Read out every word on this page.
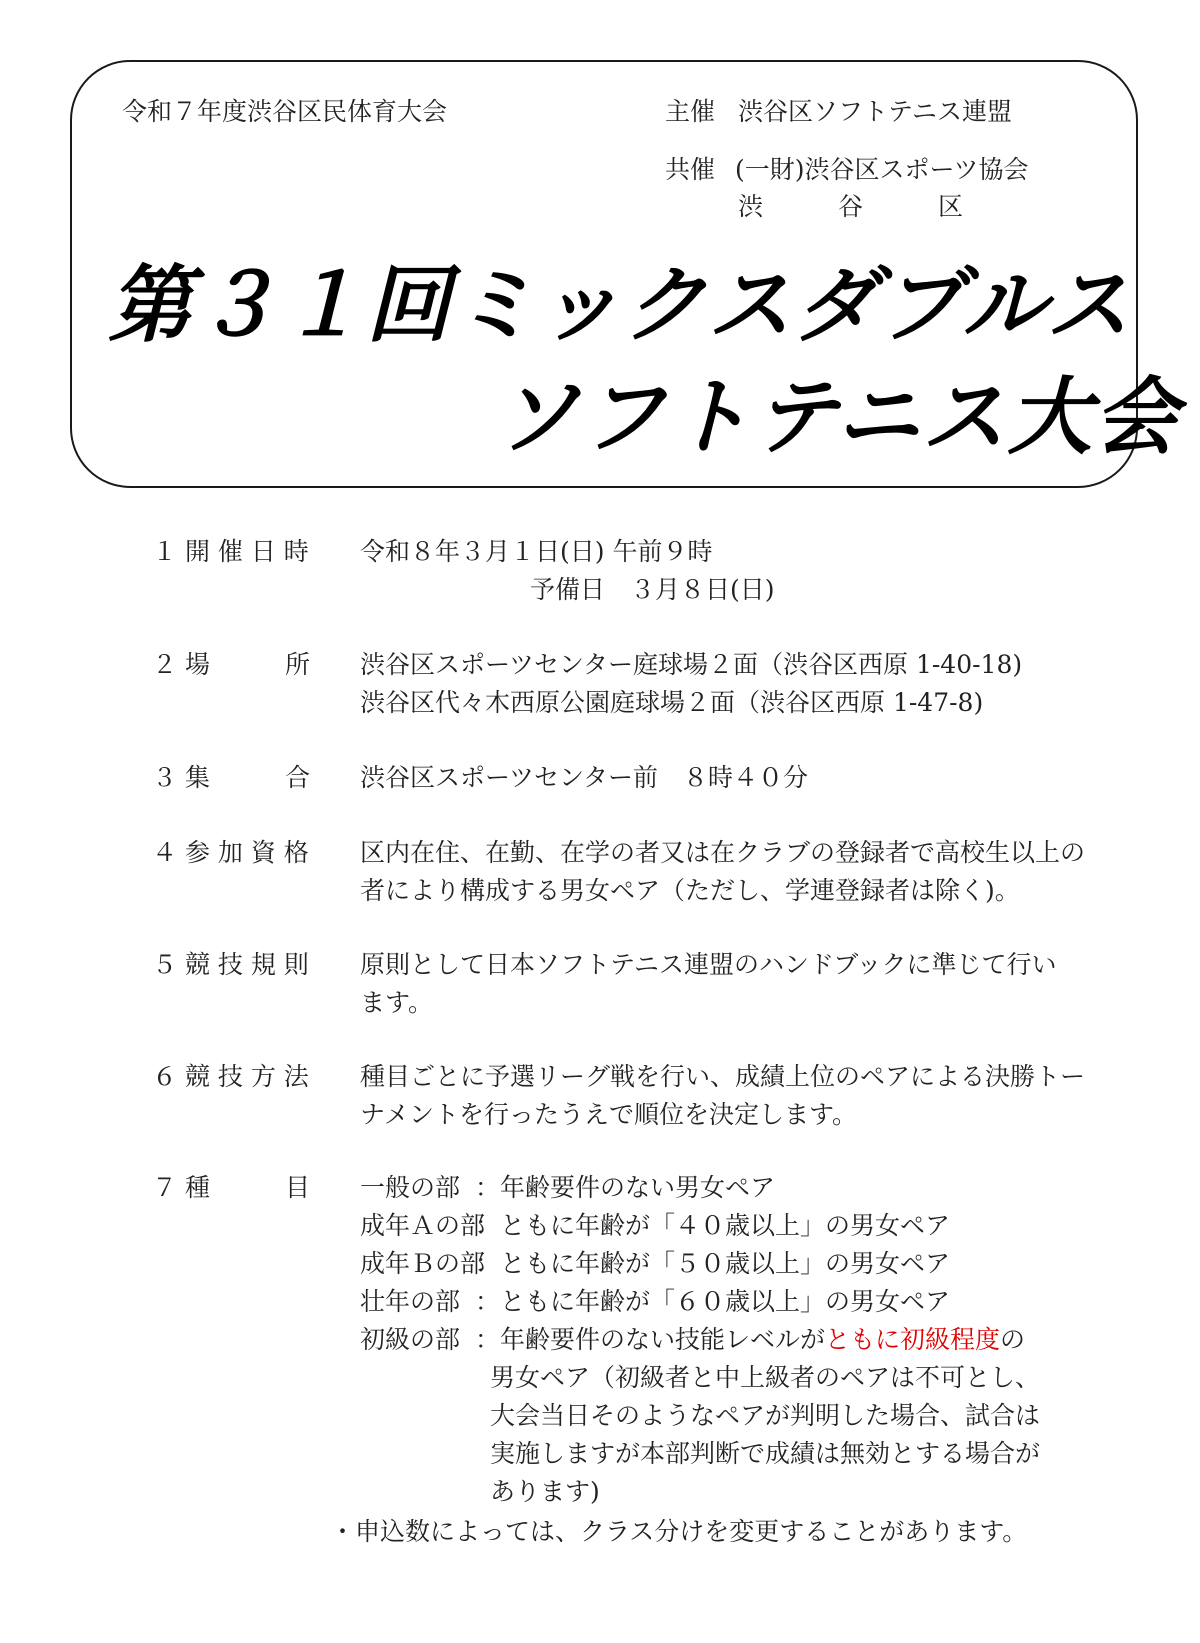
令和７年度渋谷区民体育大会	主催 渋谷区ソフトテニス連盟
共催 (一財)渋谷区スポーツ協会
渋　　　谷　　　区
第３１回ミックスダブルス
ソフトテニス大会
１ 開 催 日 時 令和８年３月１日(日) 午前９時
予備日　３月８日(日)
２ 場　　　所 渋谷区スポーツセンター庭球場２面（渋谷区西原 1-40-18)
渋谷区代々木西原公園庭球場２面（渋谷区西原 1-47-8)
３ 集　　　合 渋谷区スポーツセンター前　８時４０分
４ 参 加 資 格 区内在住、在勤、在学の者又は在クラブの登録者で高校生以上の
者により構成する男女ペア（ただし、学連登録者は除く)。
５ 競 技 規 則 原則として日本ソフトテニス連盟のハンドブックに準じて行い
ます。
６ 競 技 方 法 種目ごとに予選リーグ戦を行い、成績上位のペアによる決勝トー
ナメントを行ったうえで順位を決定します。
７ 種　　　目 一般の部 ：年齢要件のない男女ペア
成年Ａの部
：ともに年齢が「４０歳以上」の男女ペア
成年Ｂの部
：ともに年齢が「５０歳以上」の男女ペア
壮年の部 ：ともに年齢が「６０歳以上」の男女ペア
初級の部 ：年齢要件のない技能レベルがともに初級程度の
男女ペア（初級者と中上級者のペアは不可とし、
大会当日そのようなペアが判明した場合、試合は
実施しますが本部判断で成績は無効とする場合が
あります)
・申込数によっては、クラス分けを変更することがあります。
